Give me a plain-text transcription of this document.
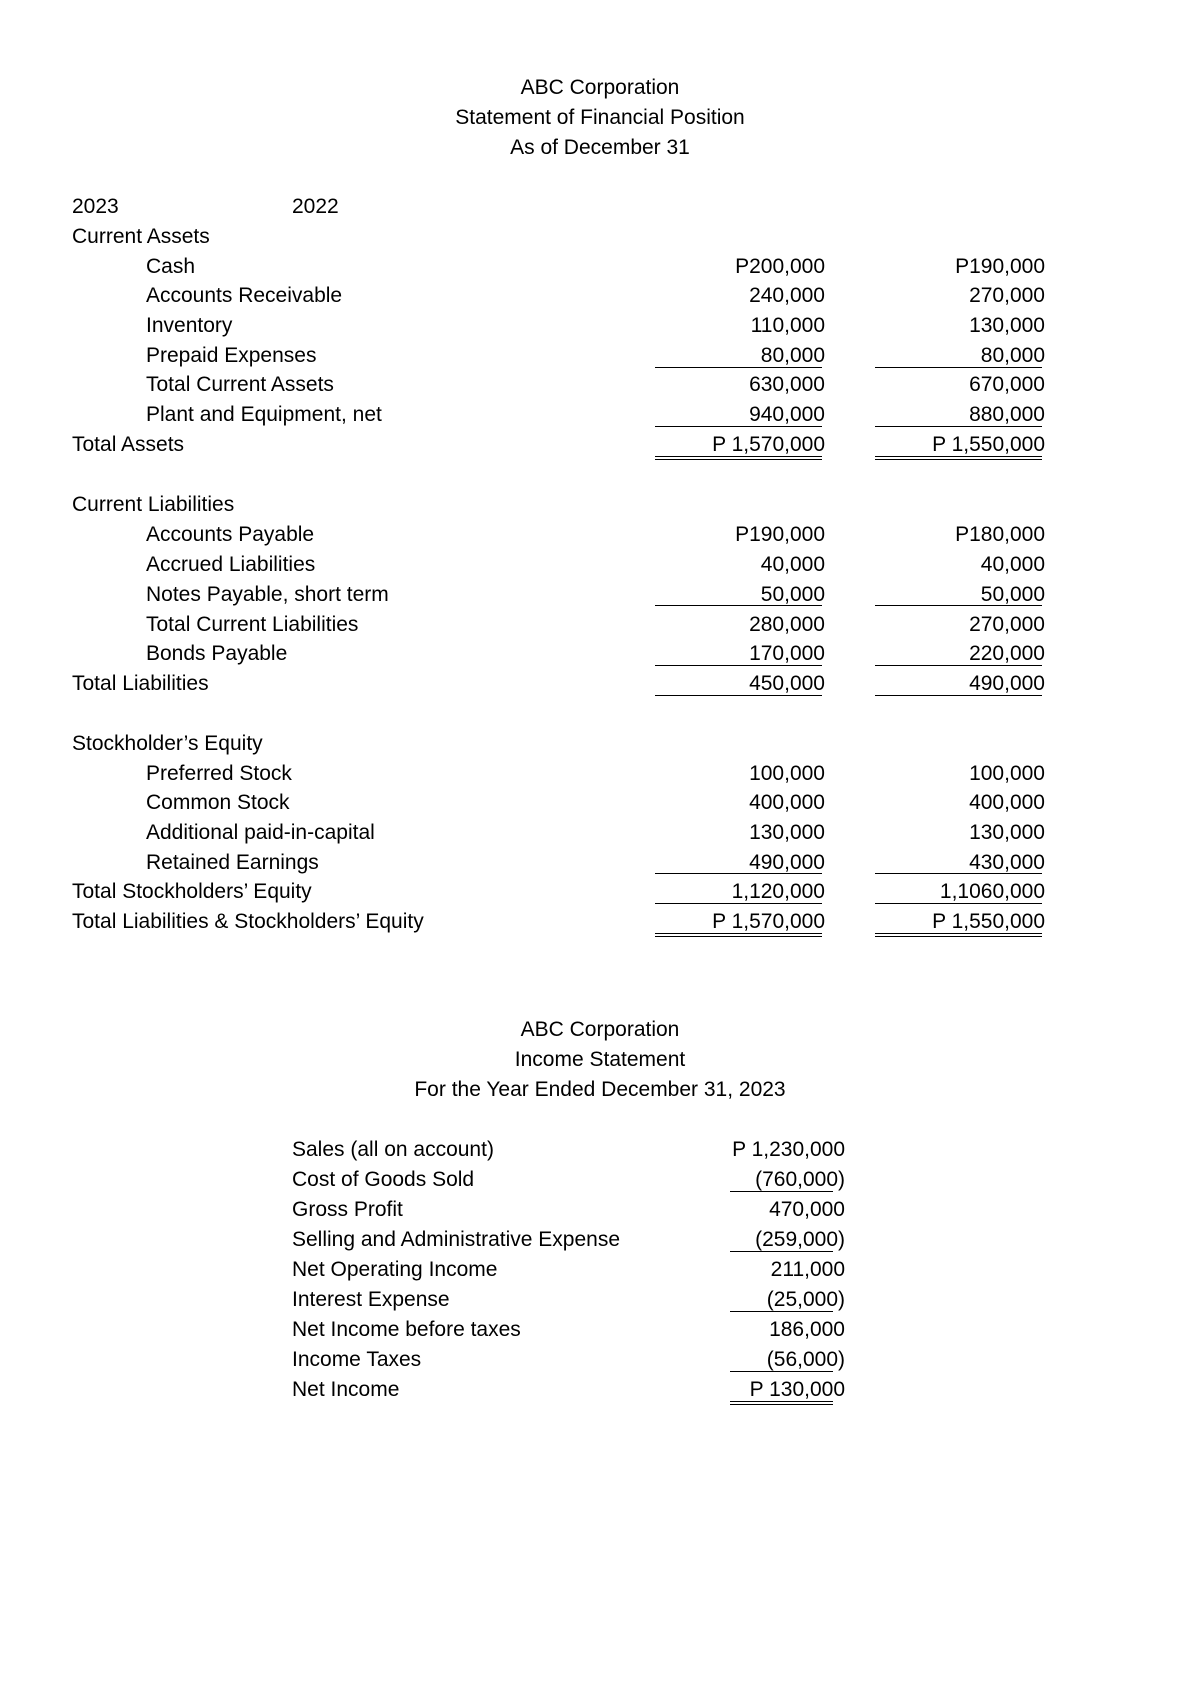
ABC Corporation
Statement of Financial Position
As of December 31
2023	2022
Current Assets
Cash	P200,000	P190,000
Accounts Receivable	240,000	270,000
Inventory	110,000	130,000
Prepaid Expenses	80,000	80,000
Total Current Assets	630,000	670,000
Plant and Equipment, net	940,000	880,000
Total Assets	P 1,570,000	P 1,550,000
Current Liabilities
Accounts Payable	P190,000	P180,000
Accrued Liabilities	40,000	40,000
Notes Payable, short term	50,000	50,000
Total Current Liabilities	280,000	270,000
Bonds Payable	170,000	220,000
Total Liabilities	450,000	490,000
Stockholder’s Equity
Preferred Stock	100,000	100,000
Common Stock	400,000	400,000
Additional paid-in-capital	130,000	130,000
Retained Earnings	490,000	430,000
Total Stockholders’ Equity	1,120,000	1,1060,000
Total Liabilities & Stockholders’ Equity	P 1,570,000	P 1,550,000
ABC Corporation
Income Statement
For the Year Ended December 31, 2023
Sales (all on account)	P 1,230,000
Cost of Goods Sold	(760,000)
Gross Profit	470,000
Selling and Administrative Expense	(259,000)
Net Operating Income	211,000
Interest Expense	(25,000)
Net Income before taxes	186,000
Income Taxes	(56,000)
Net Income	P 130,000
